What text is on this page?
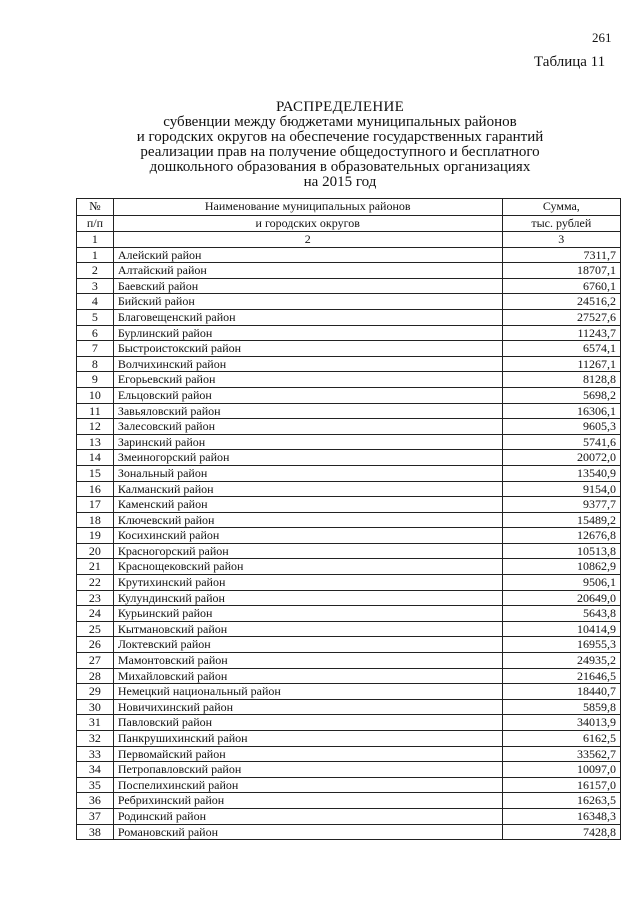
261
Таблица 11
РАСПРЕДЕЛЕНИЕ
субвенции между бюджетами муниципальных районов
и городских округов на обеспечение государственных гарантий
реализации прав на получение общедоступного и бесплатного
дошкольного образования в образовательных организациях
на 2015 год
№	Наименование муниципальных районов	Сумма,
п/п	и городских округов	тыс. рублей
1	2	3
1	Алейский район	7311,7
2	Алтайский район	18707,1
3	Баевский район	6760,1
4	Бийский район	24516,2
5	Благовещенский район	27527,6
6	Бурлинский район	11243,7
7	Быстроистокский район	6574,1
8	Волчихинский район	11267,1
9	Егорьевский район	8128,8
10	Ельцовский район	5698,2
11	Завьяловский район	16306,1
12	Залесовский район	9605,3
13	Заринский район	5741,6
14	Змеиногорский район	20072,0
15	Зональный район	13540,9
16	Калманский район	9154,0
17	Каменский район	9377,7
18	Ключевский район	15489,2
19	Косихинский район	12676,8
20	Красногорский район	10513,8
21	Краснощековский район	10862,9
22	Крутихинский район	9506,1
23	Кулундинский район	20649,0
24	Курьинский район	5643,8
25	Кытмановский район	10414,9
26	Локтевский район	16955,3
27	Мамонтовский район	24935,2
28	Михайловский район	21646,5
29	Немецкий национальный район	18440,7
30	Новичихинский район	5859,8
31	Павловский район	34013,9
32	Панкрушихинский район	6162,5
33	Первомайский район	33562,7
34	Петропавловский район	10097,0
35	Поспелихинский район	16157,0
36	Ребрихинский район	16263,5
37	Родинский район	16348,3
38	Романовский район	7428,8
